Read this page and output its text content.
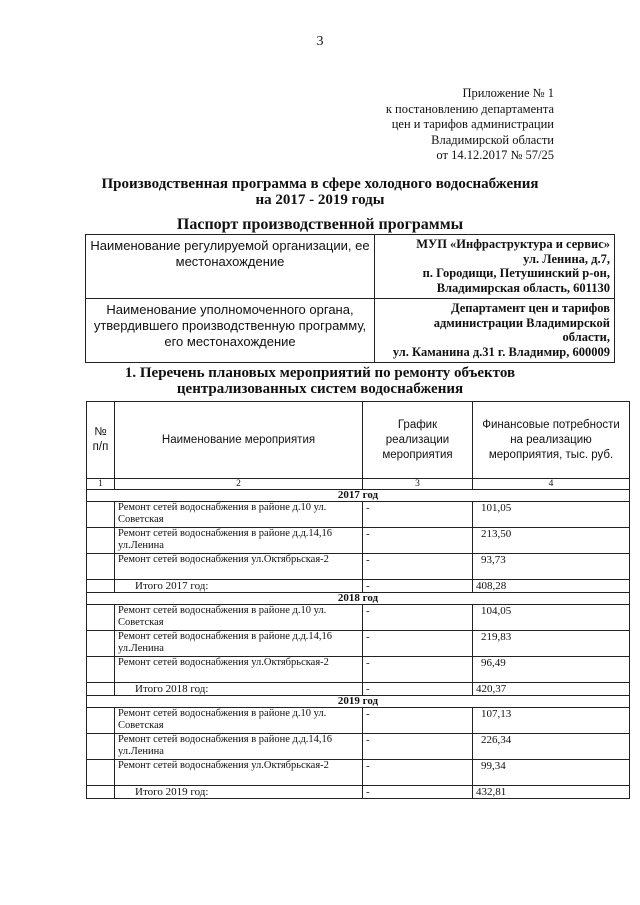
3
Приложение № 1
к постановлению департамента
цен и тарифов администрации
Владимирской области
от 14.12.2017 № 57/25
Производственная программа в сфере холодного водоснабжения
на 2017 - 2019 годы
Паспорт производственной программы
Наименование регулируемой организации, ее местонахождение	МУП «Инфраструктура и сервис»
ул. Ленина, д.7,
п. Городищи, Петушинский р-он,
Владимирская область, 601130

Наименование уполномоченного органа, утвердившего производственную программу, его местонахождение	Департамент цен и тарифов
администрации Владимирской
области,
ул. Каманина д.31 г. Владимир, 600009
1. Перечень плановых мероприятий по ремонту объектов
централизованных систем водоснабжения
№ п/п	Наименование мероприятия	График реализации мероприятия	Финансовые потребности на реализацию мероприятия, тыс. руб.
1	2	3	4
2017 год			
	Ремонт сетей водоснабжения в районе д.10 ул. Советская	-	101,05
	Ремонт сетей водоснабжения в районе д.д.14,16 ул.Ленина	-	213,50
	Ремонт сетей водоснабжения ул.Октябрьская-2	-	93,73
	Итого 2017 год:	-	408,28
2018 год			
	Ремонт сетей водоснабжения в районе д.10 ул. Советская	-	104,05
	Ремонт сетей водоснабжения в районе д.д.14,16 ул.Ленина	-	219,83
	Ремонт сетей водоснабжения ул.Октябрьская-2	-	96,49
	Итого 2018 год:	-	420,37
2019 год			
	Ремонт сетей водоснабжения в районе д.10 ул. Советская	-	107,13
	Ремонт сетей водоснабжения в районе д.д.14,16 ул.Ленина	-	226,34
	Ремонт сетей водоснабжения ул.Октябрьская-2	-	99,34
	Итого 2019 год:	-	432,81
